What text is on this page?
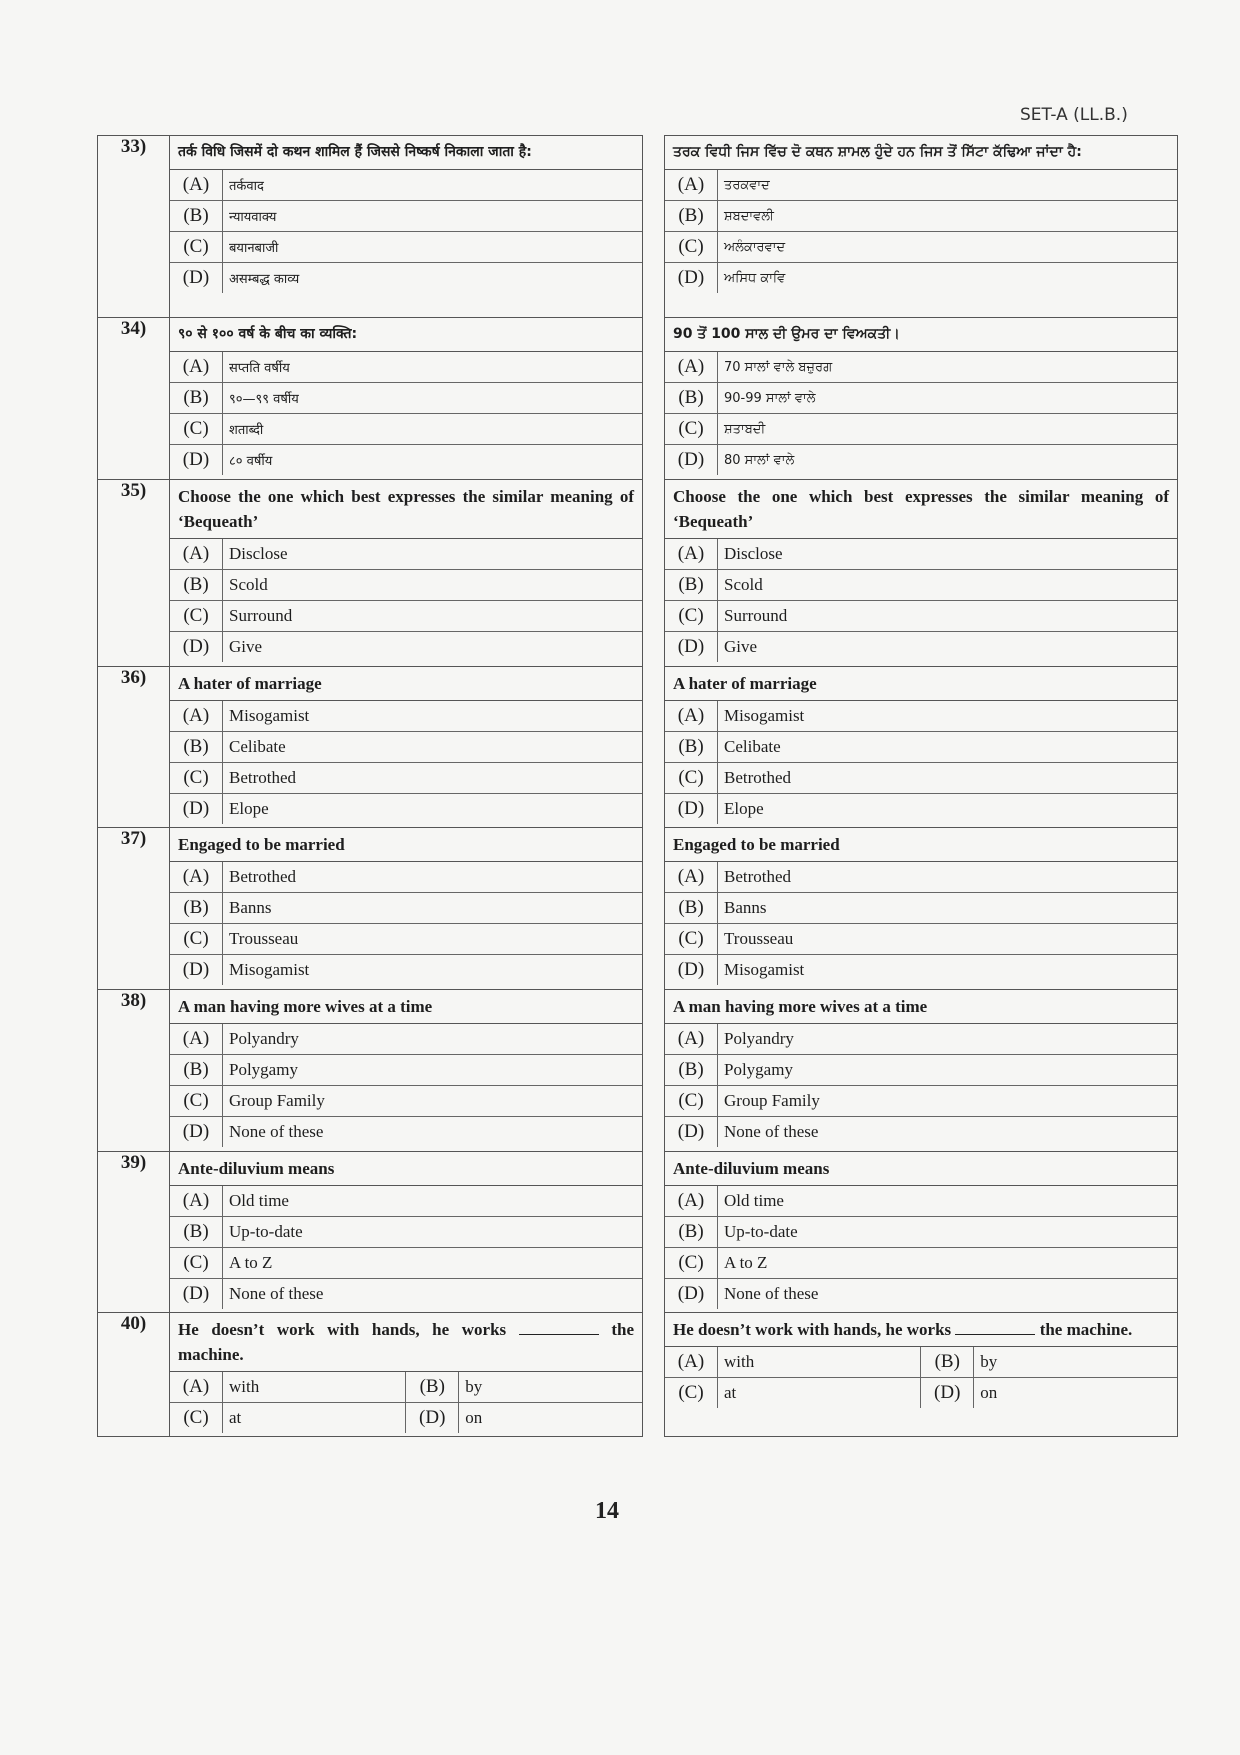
SET-A (LL.B.)
33)	तर्क विधि जिसमें दो कथन शामिल हैं जिससे निष्कर्ष निकाला जाता है:
(A)	तर्कवाद
(B)	न्यायवाक्य
(C)	बयानबाजी
(D)	असम्बद्ध काव्य

ਤਰਕ ਵਿਧੀ ਜਿਸ ਵਿੱਚ ਦੋ ਕਥਨ ਸ਼ਾਮਲ ਹੁੰਦੇ ਹਨ ਜਿਸ ਤੋਂ ਸਿੱਟਾ ਕੱਢਿਆ ਜਾਂਦਾ ਹੈ:
(A)	ਤਰਕਵਾਦ
(B)	ਸ਼ਬਦਾਵਲੀ
(C)	ਅਲੰਕਾਰਵਾਦ
(D)	ਅਸਿਧ ਕਾਵਿ

34)	९० से १०० वर्ष के बीच का व्यक्ति:
(A)	सप्तति वर्षीय
(B)	९०—९९ वर्षीय
(C)	शताब्दी
(D)	८० वर्षीय

90 ਤੋਂ 100 ਸਾਲ ਦੀ ਉਮਰ ਦਾ ਵਿਅਕਤੀ।
(A)	70 ਸਾਲਾਂ ਵਾਲੇ ਬਜ਼ੁਰਗ
(B)	90-99 ਸਾਲਾਂ ਵਾਲੇ
(C)	ਸ਼ਤਾਬਦੀ
(D)	80 ਸਾਲਾਂ ਵਾਲੇ

35)	Choose the one which best expresses the similar meaning of ‘Bequeath’
(A)	Disclose
(B)	Scold
(C)	Surround
(D)	Give

Choose the one which best expresses the similar meaning of ‘Bequeath’
(A)	Disclose
(B)	Scold
(C)	Surround
(D)	Give

36)	A hater of marriage
(A)	Misogamist
(B)	Celibate
(C)	Betrothed
(D)	Elope

A hater of marriage
(A)	Misogamist
(B)	Celibate
(C)	Betrothed
(D)	Elope

37)	Engaged to be married
(A)	Betrothed
(B)	Banns
(C)	Trousseau
(D)	Misogamist

Engaged to be married
(A)	Betrothed
(B)	Banns
(C)	Trousseau
(D)	Misogamist

38)	A man having more wives at a time
(A)	Polyandry
(B)	Polygamy
(C)	Group Family
(D)	None of these

A man having more wives at a time
(A)	Polyandry
(B)	Polygamy
(C)	Group Family
(D)	None of these

39)	Ante-diluvium means
(A)	Old time
(B)	Up-to-date
(C)	A to Z
(D)	None of these

Ante-diluvium means
(A)	Old time
(B)	Up-to-date
(C)	A to Z
(D)	None of these

40)	He doesn’t work with hands, he works	the machine.
(A)	with	(B)	by
(C)	at	(D)	on

He doesn’t work with hands, he works	the machine.
(A)	with	(B)	by
(C)	at	(D)	on
14
